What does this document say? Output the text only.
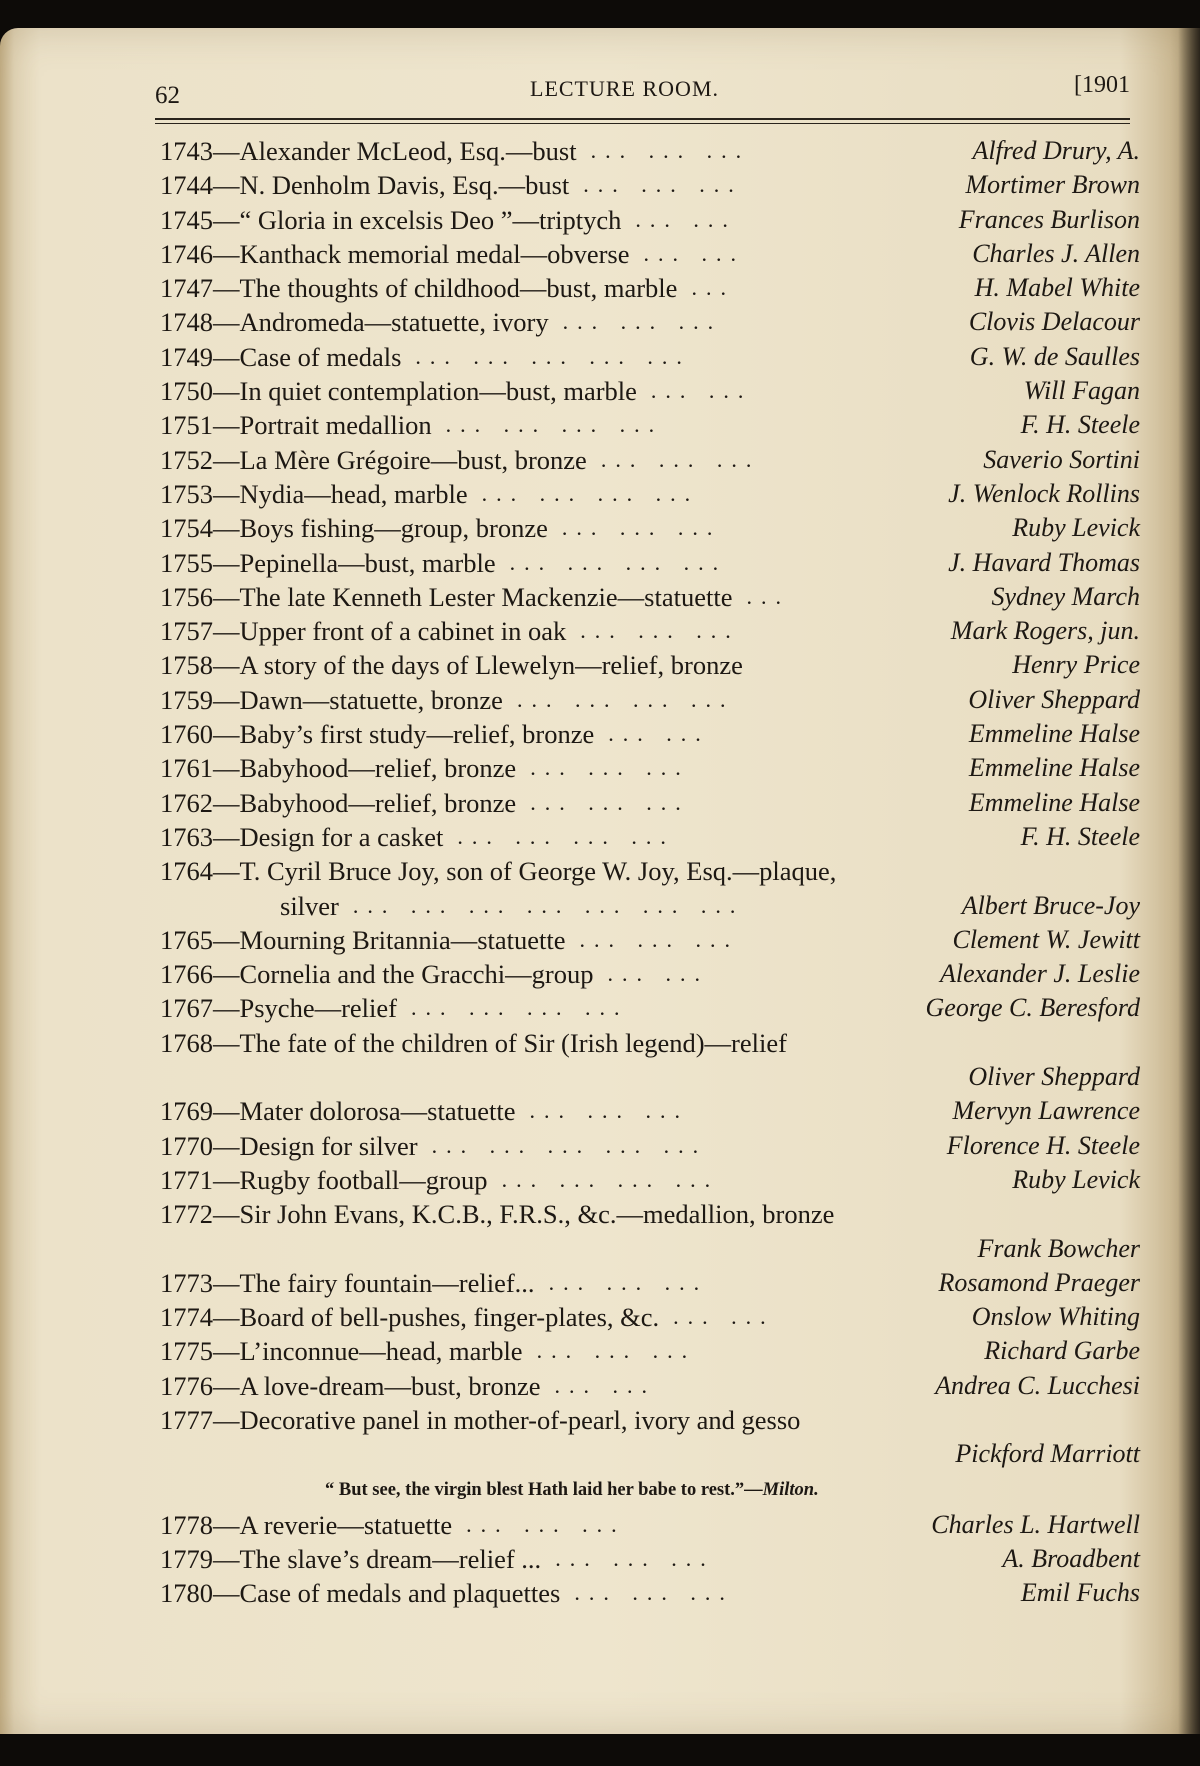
62	LECTURE ROOM.	[1901
1743—Alexander McLeod, Esq.—bust ... ... ...	Alfred Drury, A.
1744—N. Denholm Davis, Esq.—bust ... ... ...	Mortimer Brown
1745—“ Gloria in excelsis Deo ”—triptych ... ...	Frances Burlison
1746—Kanthack memorial medal—obverse ... ...	Charles J. Allen
1747—The thoughts of childhood—bust, marble ...	H. Mabel White
1748—Andromeda—statuette, ivory ... ... ...	Clovis Delacour
1749—Case of medals ... ... ... ... ...	G. W. de Saulles
1750—In quiet contemplation—bust, marble ... ...	Will Fagan
1751—Portrait medallion ... ... ... ...	F. H. Steele
1752—La Mère Grégoire—bust, bronze ... ... ...	Saverio Sortini
1753—Nydia—head, marble ... ... ... ...	J. Wenlock Rollins
1754—Boys fishing—group, bronze ... ... ...	Ruby Levick
1755—Pepinella—bust, marble ... ... ... ...	J. Havard Thomas
1756—The late Kenneth Lester Mackenzie—statuette ...	Sydney March
1757—Upper front of a cabinet in oak ... ... ...	Mark Rogers, jun.
1758—A story of the days of Llewelyn—relief, bronze	Henry Price
1759—Dawn—statuette, bronze ... ... ... ...	Oliver Sheppard
1760—Baby’s first study—relief, bronze ... ...	Emmeline Halse
1761—Babyhood—relief, bronze ... ... ...	Emmeline Halse
1762—Babyhood—relief, bronze ... ... ...	Emmeline Halse
1763—Design for a casket ... ... ... ...	F. H. Steele
1764—T. Cyril Bruce Joy, son of George W. Joy, Esq.—plaque,
silver ... ... ... ... ... ... ...	Albert Bruce-Joy
1765—Mourning Britannia—statuette ... ... ...	Clement W. Jewitt
1766—Cornelia and the Gracchi—group ... ...	Alexander J. Leslie
1767—Psyche—relief ... ... ... ...	George C. Beresford
1768—The fate of the children of Sir (Irish legend)—relief
Oliver Sheppard
1769—Mater dolorosa—statuette ... ... ...	Mervyn Lawrence
1770—Design for silver ... ... ... ... ...	Florence H. Steele
1771—Rugby football—group ... ... ... ...	Ruby Levick
1772—Sir John Evans, K.C.B., F.R.S., &c.—medallion, bronze
Frank Bowcher
1773—The fairy fountain—relief... ... ... ...	Rosamond Praeger
1774—Board of bell-pushes, finger-plates, &c. ... ...	Onslow Whiting
1775—L’inconnue—head, marble ... ... ...	Richard Garbe
1776—A love-dream—bust, bronze ... ...	Andrea C. Lucchesi
1777—Decorative panel in mother-of-pearl, ivory and gesso
Pickford Marriott
“ But see, the virgin blest Hath laid her babe to rest.”—Milton.
1778—A reverie—statuette ... ... ...	Charles L. Hartwell
1779—The slave’s dream—relief ... ... ... ...	A. Broadbent
1780—Case of medals and plaquettes ... ... ...	Emil Fuchs
